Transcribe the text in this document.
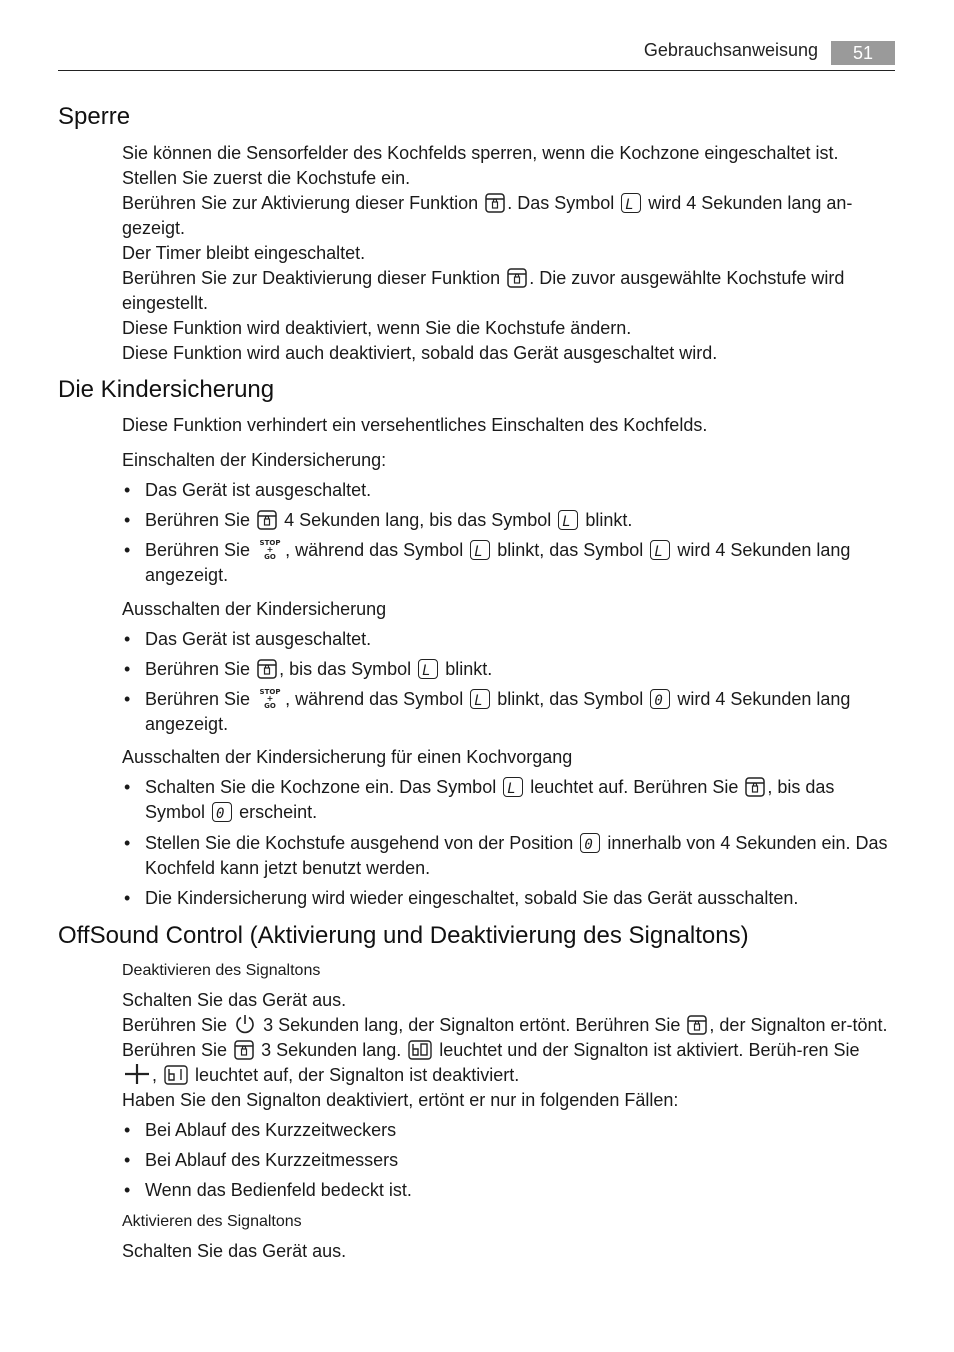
Gebrauchsanweisung	51
Sperre

Sie können die Sensorfelder des Kochfelds sperren, wenn die Kochzone eingeschaltet ist.

Stellen Sie zuerst die Kochstufe ein.

Berühren Sie zur Aktivierung dieser Funktion . Das Symbol L wird 4 Sekunden lang an-gezeigt.

Der Timer bleibt eingeschaltet.

Berühren Sie zur Deaktivierung dieser Funktion . Die zuvor ausgewählte Kochstufe wird eingestellt.

Diese Funktion wird deaktiviert, wenn Sie die Kochstufe ändern.

Diese Funktion wird auch deaktiviert, sobald das Gerät ausgeschaltet wird.

Die Kindersicherung
Diese Funktion verhindert ein versehentliches Einschalten des Kochfelds.
Einschalten der Kindersicherung:
• Das Gerät ist ausgeschaltet.
• Berühren Sie 4 Sekunden lang, bis das Symbol L blinkt.
• Berühren Sie STOP
+
GO , während das Symbol L blinkt, das Symbol L wird 4 Sekunden lang angezeigt.
Ausschalten der Kindersicherung
• Das Gerät ist ausgeschaltet.
• Berühren Sie , bis das Symbol L blinkt.
• Berühren Sie STOP
+
GO , während das Symbol L blinkt, das Symbol 0 wird 4 Sekunden lang angezeigt.
Ausschalten der Kindersicherung für einen Kochvorgang
• Schalten Sie die Kochzone ein. Das Symbol L leuchtet auf. Berühren Sie , bis das Symbol 0 erscheint.
• Stellen Sie die Kochstufe ausgehend von der Position 0 innerhalb von 4 Sekunden ein. Das Kochfeld kann jetzt benutzt werden.
• Die Kindersicherung wird wieder eingeschaltet, sobald Sie das Gerät ausschalten.
OffSound Control (Aktivierung und Deaktivierung des Signaltons)
Deaktivieren des Signaltons

Schalten Sie das Gerät aus.

Berühren Sie 3 Sekunden lang, der Signalton ertönt. Berühren Sie , der Signalton er-tönt. Berühren Sie 3 Sekunden lang. leuchtet und der Signalton ist aktiviert. Berüh-ren Sie
, leuchtet auf, der Signalton ist deaktiviert.

Haben Sie den Signalton deaktiviert, ertönt er nur in folgenden Fällen:

• Bei Ablauf des Kurzzeitweckers
• Bei Ablauf des Kurzzeitmessers
• Wenn das Bedienfeld bedeckt ist.
Aktivieren des Signaltons
Schalten Sie das Gerät aus.
